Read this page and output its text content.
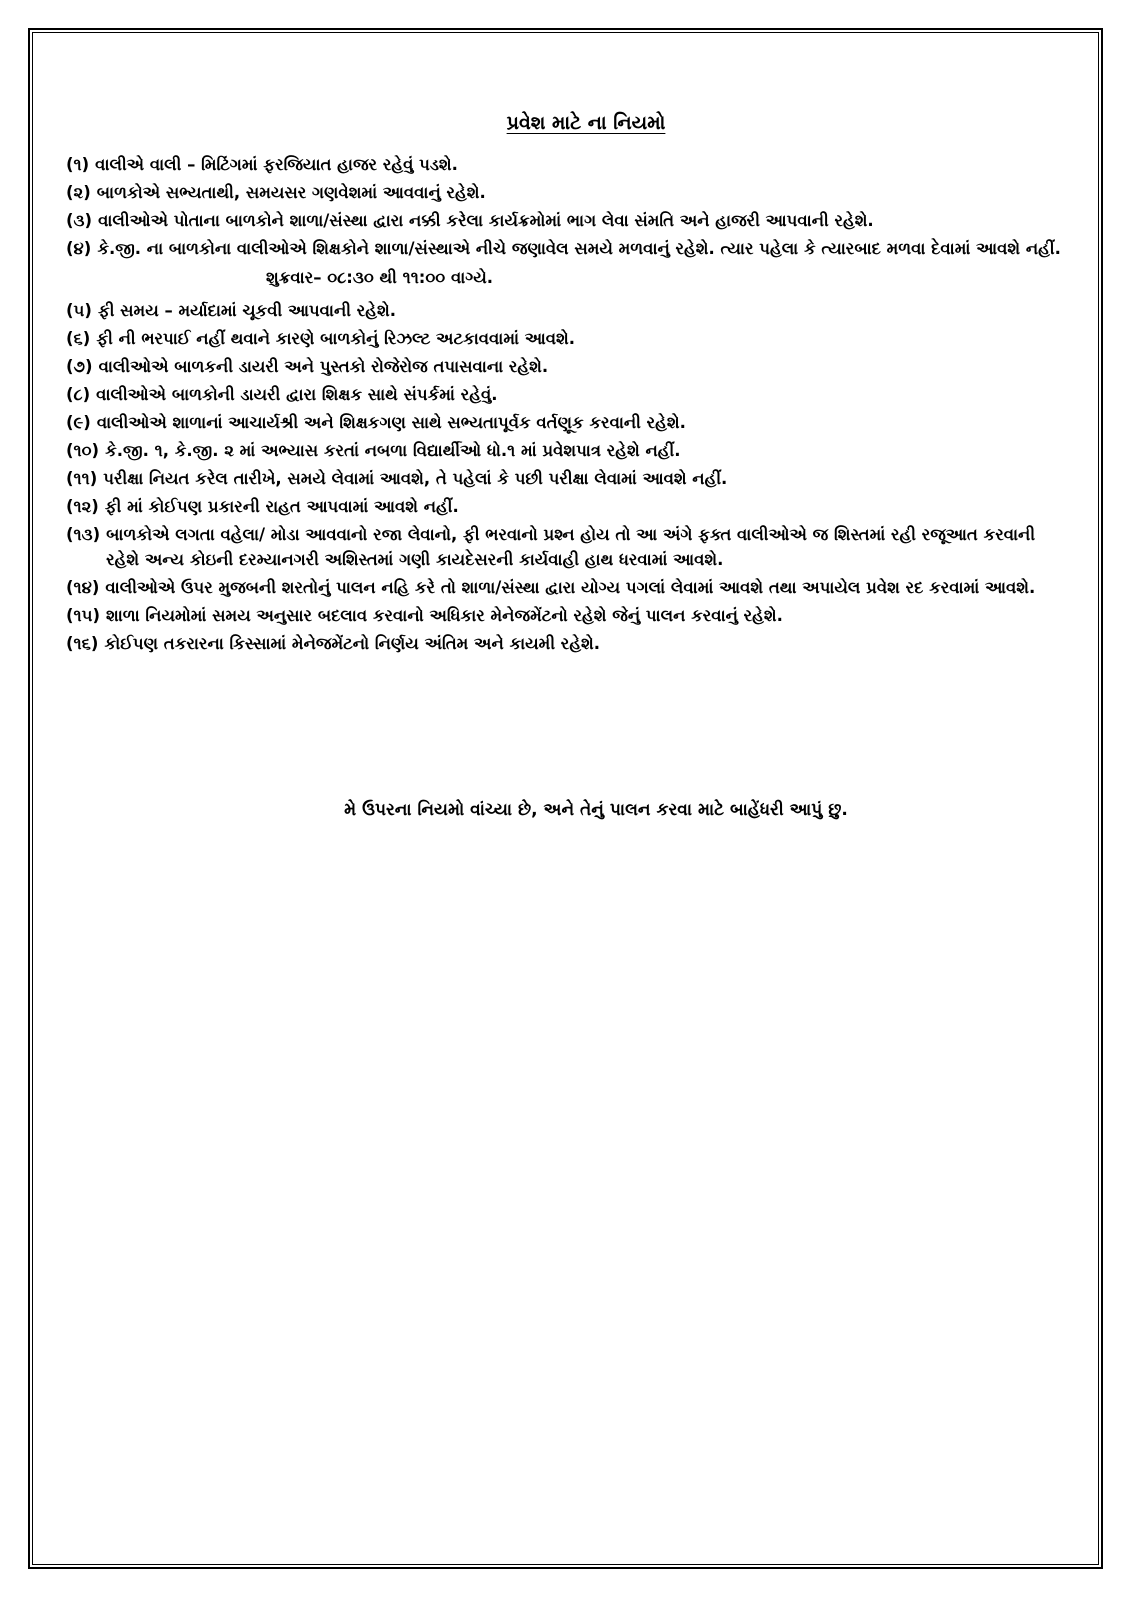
પ્રવેશ માટે ના નિયમો
(૧) વાલીએ વાલી – મિટિંગમાં ફરજિયાત હાજર રહેવું પડશે.
(૨) બાળકોએ સભ્યતાથી, સમયસર ગણવેશમાં આવવાનું રહેશે.
(૩) વાલીઓએ પોતાના બાળકોને શાળા/સંસ્થા દ્વારા નક્કી કરેલા કાર્યક્રમોમાં ભાગ લેવા સંમતિ અને હાજરી આપવાની રહેશે.
(૪) કે.જી. ના બાળકોના વાલીઓએ શિક્ષકોને શાળા/સંસ્થાએ નીચે જણાવેલ સમયે મળવાનું રહેશે. ત્યાર પહેલા કે ત્યારબાદ મળવા દેવામાં આવશે નહીં.
શુક્રવાર– ૦૮:૩૦ થી ૧૧:૦૦ વાગ્યે.
(૫) ફી સમય – મર્યાદામાં ચૂકવી આપવાની રહેશે.
(૬) ફી ની ભરપાઈ નહીં થવાને કારણે બાળકોનું રિઝલ્ટ અટકાવવામાં આવશે.
(૭) વાલીઓએ બાળકની ડાયરી અને પુસ્તકો રોજેરોજ તપાસવાના રહેશે.
(૮) વાલીઓએ બાળકોની ડાયરી દ્વારા શિક્ષક સાથે સંપર્કમાં રહેવું.
(૯) વાલીઓએ શાળાનાં આચાર્યશ્રી અને શિક્ષકગણ સાથે સભ્યતાપૂર્વક વર્તણૂક કરવાની રહેશે.
(૧૦) કે.જી. ૧, કે.જી. ૨ માં અભ્યાસ કરતાં નબળા વિદ્યાર્થીઓ ધો.૧ માં પ્રવેશપાત્ર રહેશે નહીં.
(૧૧) પરીક્ષા નિયત કરેલ તારીખે, સમયે લેવામાં આવશે, તે પહેલાં કે પછી પરીક્ષા લેવામાં આવશે નહીં.
(૧૨) ફી માં કોઈપણ પ્રકારની રાહત આપવામાં આવશે નહીં.
(૧૩) બાળકોએ લગતા વહેલા/ મોડા આવવાનો રજા લેવાનો, ફી ભરવાનો પ્રશ્ન હોય તો આ અંગે ફક્ત વાલીઓએ જ શિસ્તમાં રહી રજૂઆત કરવાની રહેશે અન્ય કોઇની દરમ્યાનગરી અશિસ્તમાં ગણી કાયદેસરની કાર્યવાહી હાથ ધરવામાં આવશે.
(૧૪) વાલીઓએ ઉપર મુજબની શરતોનું પાલન નહિ કરે તો શાળા/સંસ્થા દ્વારા યોગ્ય પગલાં લેવામાં આવશે તથા અપાયેલ પ્રવેશ રદ કરવામાં આવશે.
(૧૫) શાળા નિયમોમાં સમય અનુસાર બદલાવ કરવાનો અધિકાર મેનેજમેંટનો રહેશે જેનું પાલન કરવાનું રહેશે.
(૧૬) કોઈપણ તકરારના કિસ્સામાં મેનેજમેંટનો નિર્ણય અંતિમ અને કાયમી રહેશે.
મે ઉપરના નિયમો વાંચ્યા છે, અને તેનું પાલન કરવા માટે બાહેંધરી આપું છુ.
